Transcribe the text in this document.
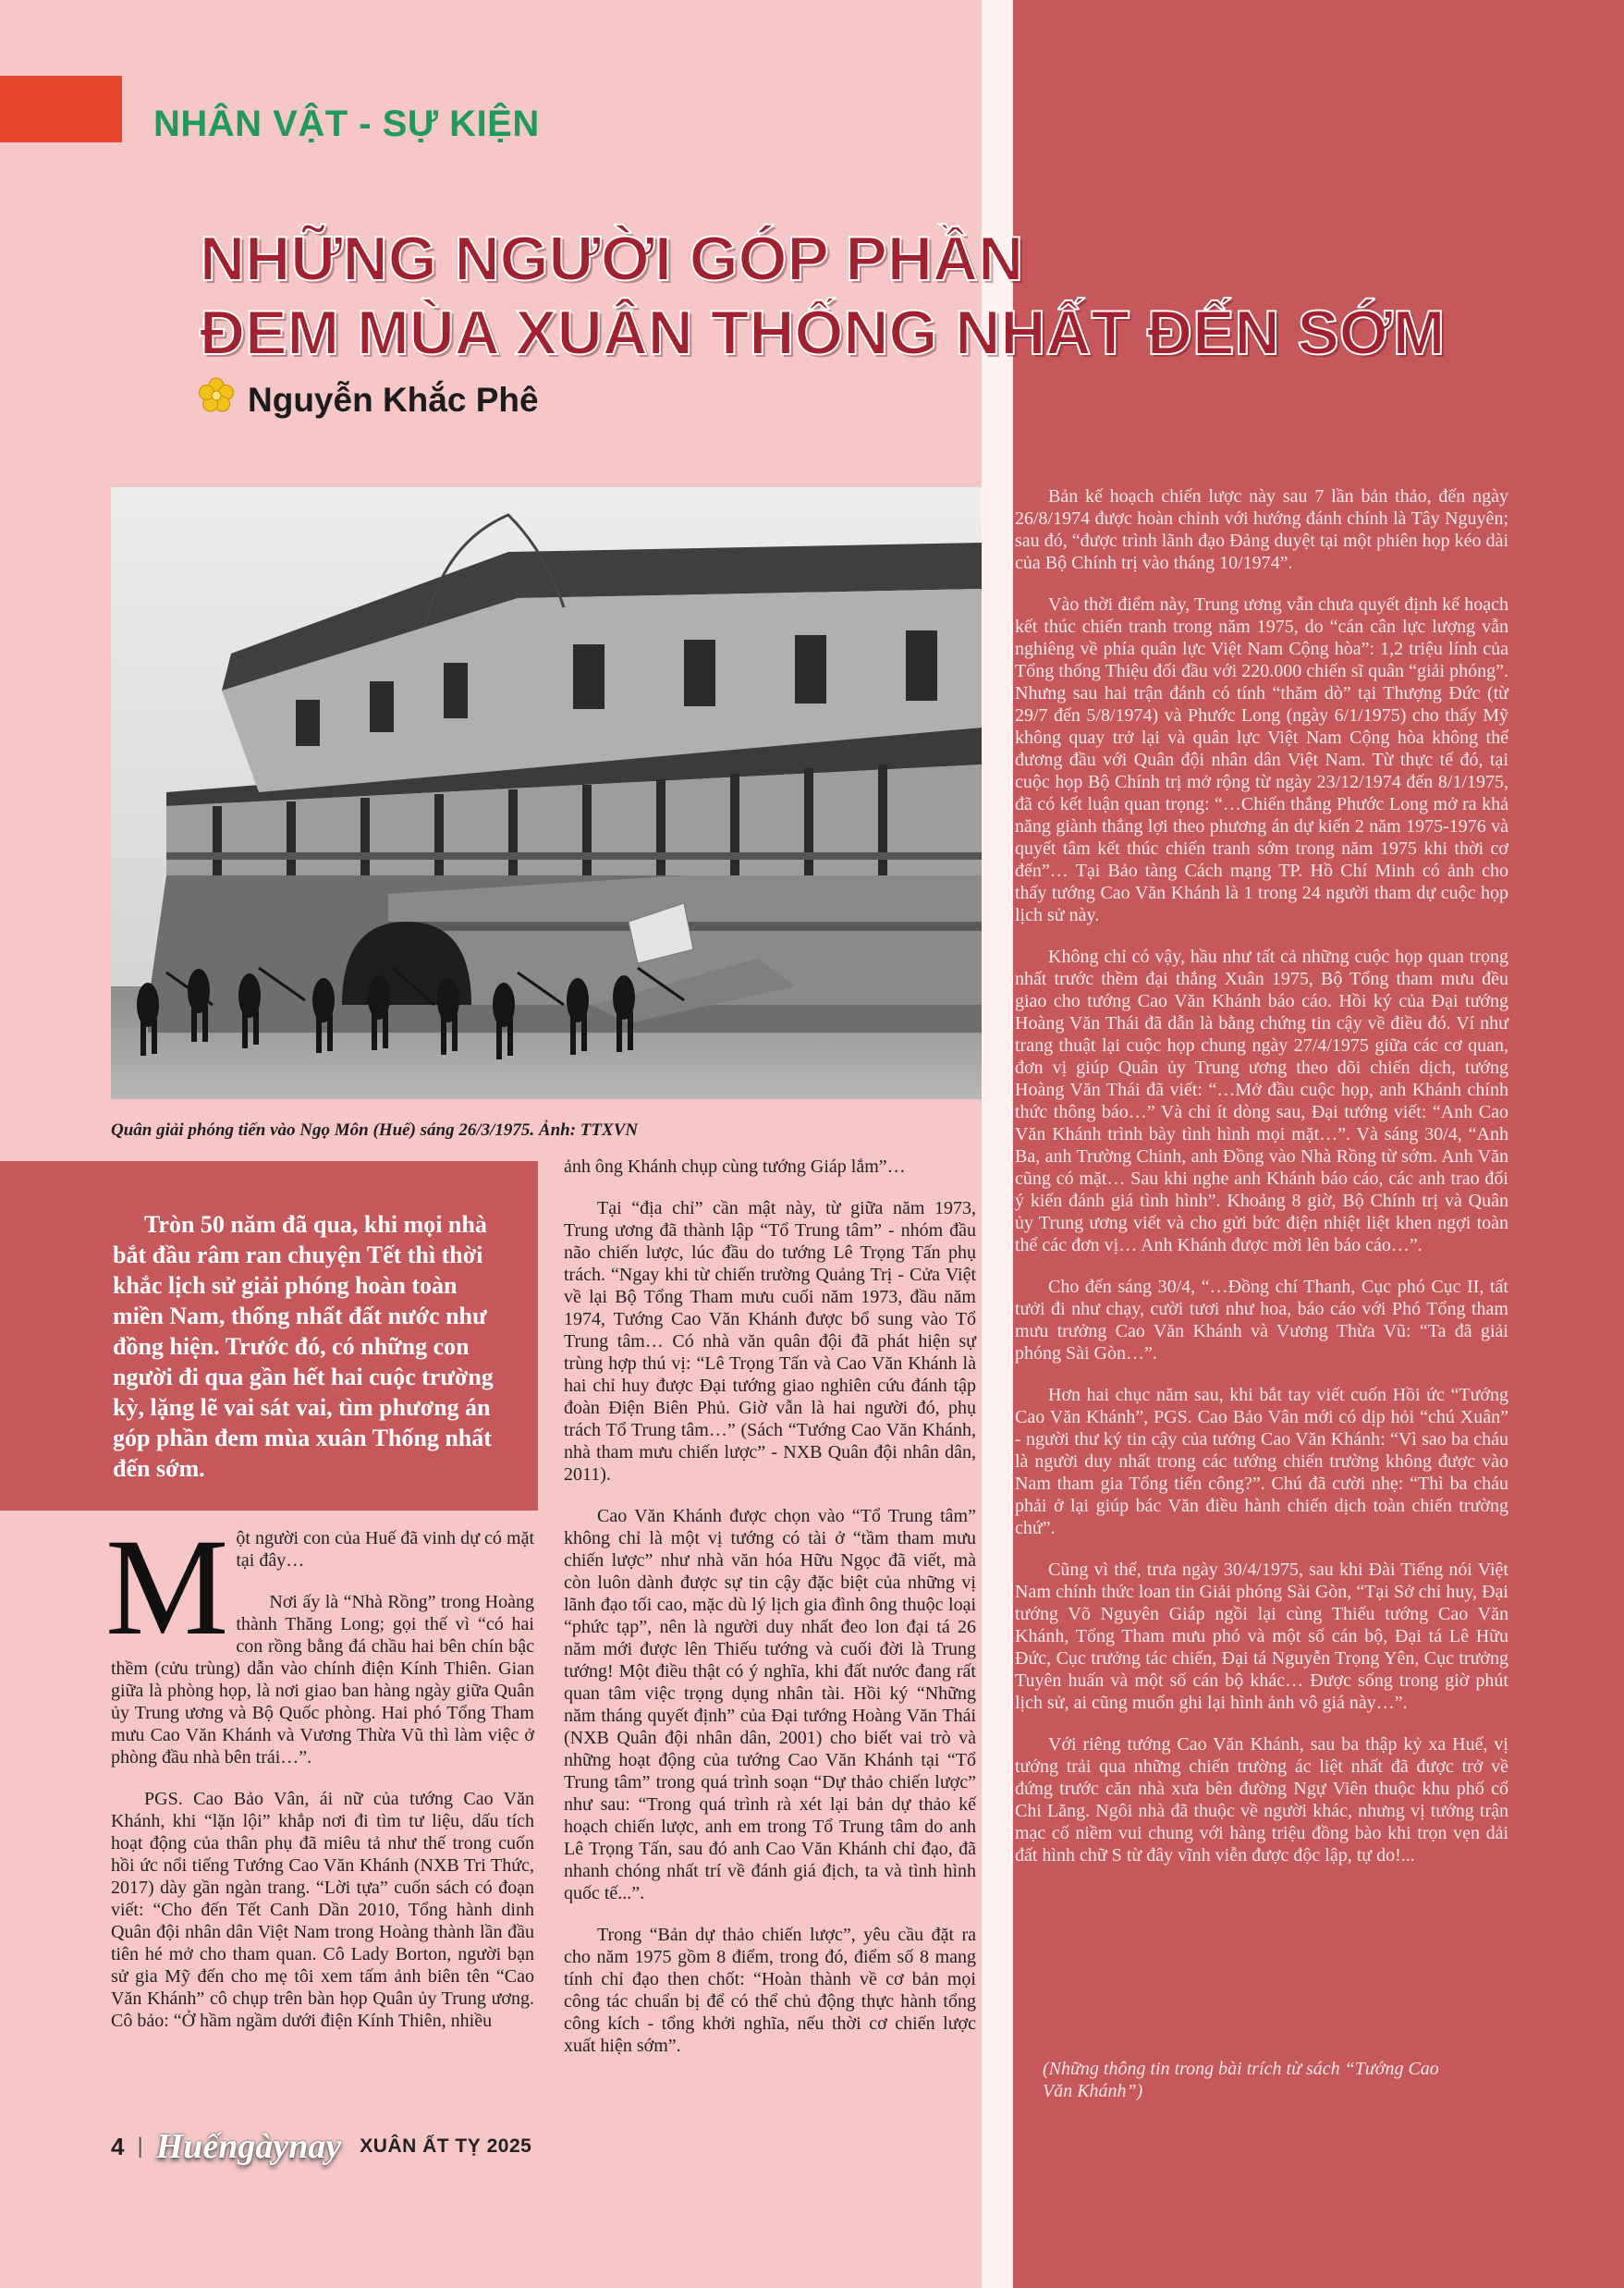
NHÂN VẬT - SỰ KIỆN
NHỮNG NGƯỜI GÓP PHẦN
ĐEM MÙA XUÂN THỐNG NHẤT ĐẾN SỚM
Nguyễn Khắc Phê
Quân giải phóng tiến vào Ngọ Môn (Huế) sáng 26/3/1975. Ảnh: TTXVN

Tròn 50 năm đã qua, khi mọi nhà bắt đầu râm ran chuyện Tết thì thời khắc lịch sử giải phóng hoàn toàn miền Nam, thống nhất đất nước như đồng hiện. Trước đó, có những con người đi qua gần hết hai cuộc trường kỳ, lặng lẽ vai sát vai, tìm phương án góp phần đem mùa xuân Thống nhất đến sớm.

M ột người con của Huế đã vinh dự có mặt tại đây…

Nơi ấy là “Nhà Rồng” trong Hoàng thành Thăng Long; gọi thế vì “có hai con rồng bằng đá chầu hai bên chín bậc thềm (cửu trùng) dẫn vào chính điện Kính Thiên. Gian giữa là phòng họp, là nơi giao ban hàng ngày giữa Quân ủy Trung ương và Bộ Quốc phòng. Hai phó Tổng Tham mưu Cao Văn Khánh và Vương Thừa Vũ thì làm việc ở phòng đầu nhà bên trái…”.

PGS. Cao Bảo Vân, ái nữ của tướng Cao Văn Khánh, khi “lặn lội” khắp nơi đi tìm tư liệu, dấu tích hoạt động của thân phụ đã miêu tả như thế trong cuốn hồi ức nổi tiếng Tướng Cao Văn Khánh (NXB Tri Thức, 2017) dày gần ngàn trang. “Lời tựa” cuốn sách có đoạn viết: “Cho đến Tết Canh Dần 2010, Tổng hành dinh Quân đội nhân dân Việt Nam trong Hoàng thành lần đầu tiên hé mở cho tham quan. Cô Lady Borton, người bạn sử gia Mỹ đến cho mẹ tôi xem tấm ảnh biên tên “Cao Văn Khánh” cô chụp trên bàn họp Quân ủy Trung ương. Cô bảo: “Ở hầm ngầm dưới điện Kính Thiên, nhiều

ảnh ông Khánh chụp cùng tướng Giáp lắm”…

Tại “địa chỉ” cần mật này, từ giữa năm 1973, Trung ương đã thành lập “Tổ Trung tâm” - nhóm đầu não chiến lược, lúc đầu do tướng Lê Trọng Tấn phụ trách. “Ngay khi từ chiến trường Quảng Trị - Cửa Việt về lại Bộ Tổng Tham mưu cuối năm 1973, đầu năm 1974, Tướng Cao Văn Khánh được bổ sung vào Tổ Trung tâm… Có nhà văn quân đội đã phát hiện sự trùng hợp thú vị: “Lê Trọng Tấn và Cao Văn Khánh là hai chỉ huy được Đại tướng giao nghiên cứu đánh tập đoàn Điện Biên Phủ. Giờ vẫn là hai người đó, phụ trách Tổ Trung tâm…” (Sách “Tướng Cao Văn Khánh, nhà tham mưu chiến lược” - NXB Quân đội nhân dân, 2011).

Cao Văn Khánh được chọn vào “Tổ Trung tâm” không chỉ là một vị tướng có tài ở “tầm tham mưu chiến lược” như nhà văn hóa Hữu Ngọc đã viết, mà còn luôn dành được sự tin cậy đặc biệt của những vị lãnh đạo tối cao, mặc dù lý lịch gia đình ông thuộc loại “phức tạp”, nên là người duy nhất đeo lon đại tá 26 năm mới được lên Thiếu tướng và cuối đời là Trung tướng! Một điều thật có ý nghĩa, khi đất nước đang rất quan tâm việc trọng dụng nhân tài. Hồi ký “Những năm tháng quyết định” của Đại tướng Hoàng Văn Thái (NXB Quân đội nhân dân, 2001) cho biết vai trò và những hoạt động của tướng Cao Văn Khánh tại “Tổ Trung tâm” trong quá trình soạn “Dự thảo chiến lược” như sau: “Trong quá trình rà xét lại bản dự thảo kế hoạch chiến lược, anh em trong Tổ Trung tâm do anh Lê Trọng Tấn, sau đó anh Cao Văn Khánh chỉ đạo, đã nhanh chóng nhất trí về đánh giá địch, ta và tình hình quốc tế...”.

Trong “Bản dự thảo chiến lược”, yêu cầu đặt ra cho năm 1975 gồm 8 điểm, trong đó, điểm số 8 mang tính chỉ đạo then chốt: “Hoàn thành về cơ bản mọi công tác chuẩn bị để có thể chủ động thực hành tổng công kích - tổng khởi nghĩa, nếu thời cơ chiến lược xuất hiện sớm”.

Bản kế hoạch chiến lược này sau 7 lần bản thảo, đến ngày 26/8/1974 được hoàn chỉnh với hướng đánh chính là Tây Nguyên; sau đó, “được trình lãnh đạo Đảng duyệt tại một phiên họp kéo dài của Bộ Chính trị vào tháng 10/1974”.

Vào thời điểm này, Trung ương vẫn chưa quyết định kế hoạch kết thúc chiến tranh trong năm 1975, do “cán cân lực lượng vẫn nghiêng về phía quân lực Việt Nam Cộng hòa”: 1,2 triệu lính của Tổng thống Thiệu đối đầu với 220.000 chiến sĩ quân “giải phóng”. Nhưng sau hai trận đánh có tính “thăm dò” tại Thượng Đức (từ 29/7 đến 5/8/1974) và Phước Long (ngày 6/1/1975) cho thấy Mỹ không quay trở lại và quân lực Việt Nam Cộng hòa không thể đương đầu với Quân đội nhân dân Việt Nam. Từ thực tế đó, tại cuộc họp Bộ Chính trị mở rộng từ ngày 23/12/1974 đến 8/1/1975, đã có kết luận quan trọng: “…Chiến thắng Phước Long mở ra khả năng giành thắng lợi theo phương án dự kiến 2 năm 1975-1976 và quyết tâm kết thúc chiến tranh sớm trong năm 1975 khi thời cơ đến”… Tại Bảo tàng Cách mạng TP. Hồ Chí Minh có ảnh cho thấy tướng Cao Văn Khánh là 1 trong 24 người tham dự cuộc họp lịch sử này.

Không chỉ có vậy, hầu như tất cả những cuộc họp quan trọng nhất trước thềm đại thắng Xuân 1975, Bộ Tổng tham mưu đều giao cho tướng Cao Văn Khánh báo cáo. Hồi ký của Đại tướng Hoàng Văn Thái đã dẫn là bằng chứng tin cậy về điều đó. Ví như trang thuật lại cuộc họp chung ngày 27/4/1975 giữa các cơ quan, đơn vị giúp Quân ủy Trung ương theo dõi chiến dịch, tướng Hoàng Văn Thái đã viết: “…Mở đầu cuộc họp, anh Khánh chính thức thông báo…” Và chỉ ít dòng sau, Đại tướng viết: “Anh Cao Văn Khánh trình bày tình hình mọi mặt…”. Và sáng 30/4, “Anh Ba, anh Trường Chinh, anh Đồng vào Nhà Rồng từ sớm. Anh Văn cũng có mặt… Sau khi nghe anh Khánh báo cáo, các anh trao đổi ý kiến đánh giá tình hình”. Khoảng 8 giờ, Bộ Chính trị và Quân ủy Trung ương viết và cho gửi bức điện nhiệt liệt khen ngợi toàn thể các đơn vị… Anh Khánh được mời lên báo cáo…”.

Cho đến sáng 30/4, “…Đồng chí Thanh, Cục phó Cục II, tất tưởi đi như chạy, cười tươi như hoa, báo cáo với Phó Tổng tham mưu trưởng Cao Văn Khánh và Vương Thừa Vũ: “Ta đã giải phóng Sài Gòn…”.

Hơn hai chục năm sau, khi bắt tay viết cuốn Hồi ức “Tướng Cao Văn Khánh”, PGS. Cao Bảo Vân mới có dịp hỏi “chú Xuân” - người thư ký tin cậy của tướng Cao Văn Khánh: “Vì sao ba cháu là người duy nhất trong các tướng chiến trường không được vào Nam tham gia Tổng tiến công?”. Chú đã cười nhẹ: “Thì ba cháu phải ở lại giúp bác Văn điều hành chiến dịch toàn chiến trường chứ”.

Cũng vì thế, trưa ngày 30/4/1975, sau khi Đài Tiếng nói Việt Nam chính thức loan tin Giải phóng Sài Gòn, “Tại Sở chỉ huy, Đại tướng Võ Nguyên Giáp ngồi lại cùng Thiếu tướng Cao Văn Khánh, Tổng Tham mưu phó và một số cán bộ, Đại tá Lê Hữu Đức, Cục trưởng tác chiến, Đại tá Nguyễn Trọng Yên, Cục trưởng Tuyên huấn và một số cán bộ khác… Được sống trong giờ phút lịch sử, ai cũng muốn ghi lại hình ảnh vô giá này…”.

Với riêng tướng Cao Văn Khánh, sau ba thập kỷ xa Huế, vị tướng trải qua những chiến trường ác liệt nhất đã được trở về đứng trước căn nhà xưa bên đường Ngự Viên thuộc khu phố cổ Chi Lăng. Ngôi nhà đã thuộc về người khác, nhưng vị tướng trận mạc cố niềm vui chung với hàng triệu đồng bào khi trọn vẹn dải đất hình chữ S từ đây vĩnh viễn được độc lập, tự do!...

(Những thông tin trong bài trích từ sách “Tướng Cao Văn Khánh”)

4 | Huếngàynay XUÂN ẤT TỴ 2025
